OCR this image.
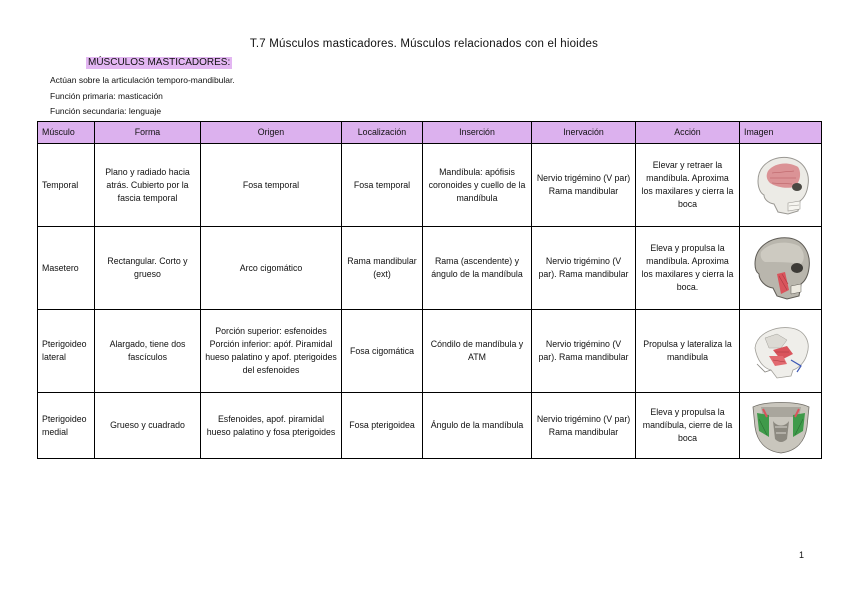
T.7 Músculos masticadores. Músculos relacionados con el hioides
MÚSCULOS MASTICADORES:
Actúan sobre la articulación temporo-mandibular.
Función primaria: masticación
Función secundaria: lenguaje
Músculo	Forma	Origen	Localización	Inserción	Inervación	Acción	Imagen
Temporal	Plano y radiado hacia atrás. Cubierto por la fascia temporal	Fosa temporal	Fosa temporal	Mandíbula: apófisis coronoides y cuello de la mandíbula	Nervio trigémino (V par) Rama mandibular	Elevar y retraer la mandíbula. Aproxima los maxilares y cierra la boca	

Masetero	Rectangular. Corto y grueso	Arco cigomático	Rama mandibular (ext)	Rama (ascendente) y ángulo de la mandíbula	Nervio trigémino (V par). Rama mandibular	Eleva y propulsa la mandíbula. Aproxima los maxilares y cierra la boca.	

Pterigoideo lateral	Alargado, tiene dos fascículos	Porción superior: esfenoides Porción inferior: apóf. Piramidal hueso palatino y apof. pterigoides del esfenoides	Fosa cigomática	Cóndilo de mandíbula y ATM	Nervio trigémino (V par). Rama mandibular	Propulsa y lateraliza la mandíbula	

Pterigoideo medial	Grueso y cuadrado	Esfenoides, apof. piramidal hueso palatino y fosa pterigoides	Fosa pterigoidea	Ángulo de la mandíbula	Nervio trigémino (V par) Rama mandibular	Eleva y propulsa la mandíbula, cierre de la boca	
1
